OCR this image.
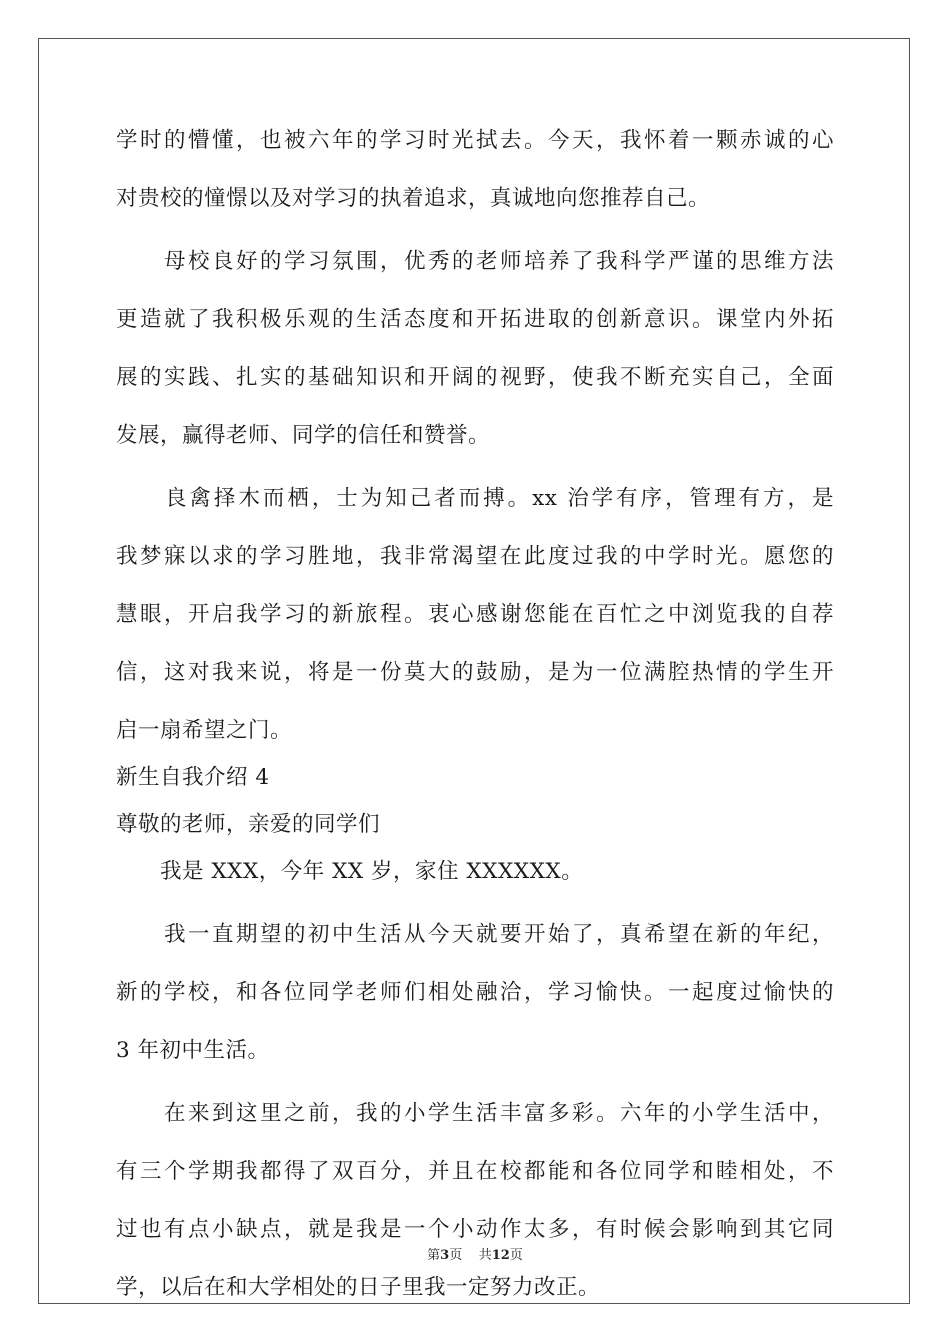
学时的懵懂，也被六年的学习时光拭去。今天，我怀着一颗赤诚的心
对贵校的憧憬以及对学习的执着追求，真诚地向您推荐自己。
　　母校良好的学习氛围，优秀的老师培养了我科学严谨的思维方法
更造就了我积极乐观的生活态度和开拓进取的创新意识。课堂内外拓
展的实践、扎实的基础知识和开阔的视野，使我不断充实自己，全面
发展，赢得老师、同学的信任和赞誉。
　　良禽择木而栖，士为知己者而搏。xx 治学有序，管理有方，是
我梦寐以求的学习胜地，我非常渴望在此度过我的中学时光。愿您的
慧眼，开启我学习的新旅程。衷心感谢您能在百忙之中浏览我的自荐
信，这对我来说，将是一份莫大的鼓励，是为一位满腔热情的学生开
启一扇希望之门。
新生自我介绍 4
尊敬的老师，亲爱的同学们
　　我是 XXX，今年 XX 岁，家住 XXXXXX。
　　我一直期望的初中生活从今天就要开始了，真希望在新的年纪，
新的学校，和各位同学老师们相处融洽，学习愉快。一起度过愉快的
3 年初中生活。
　　在来到这里之前，我的小学生活丰富多彩。六年的小学生活中，
有三个学期我都得了双百分，并且在校都能和各位同学和睦相处，不
过也有点小缺点，就是我是一个小动作太多，有时候会影响到其它同
学，以后在和大学相处的日子里我一定努力改正。
第3页 共12页
